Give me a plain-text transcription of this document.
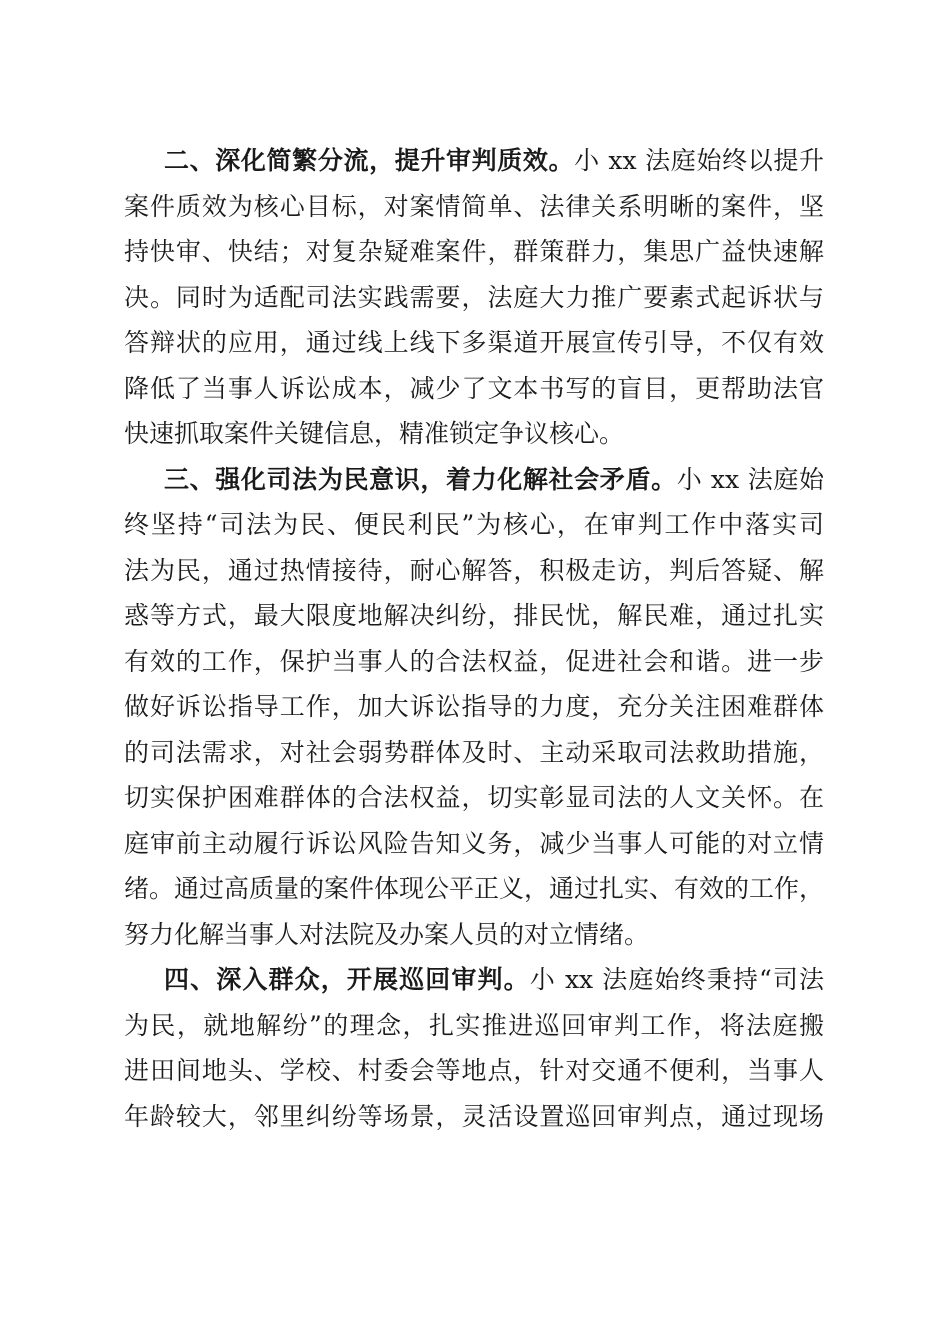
二、深化简繁分流，提升审判质效。小 xx 法庭始终以提升
案件质效为核心目标，对案情简单、法律关系明晰的案件，坚
持快审、快结；对复杂疑难案件，群策群力，集思广益快速解
决。同时为适配司法实践需要，法庭大力推广要素式起诉状与
答辩状的应用，通过线上线下多渠道开展宣传引导，不仅有效
降低了当事人诉讼成本，减少了文本书写的盲目，更帮助法官
快速抓取案件关键信息，精准锁定争议核心。
三、强化司法为民意识，着力化解社会矛盾。小 xx 法庭始
终坚持“司法为民、便民利民”为核心，在审判工作中落实司
法为民，通过热情接待，耐心解答，积极走访，判后答疑、解
惑等方式，最大限度地解决纠纷，排民忧，解民难，通过扎实
有效的工作，保护当事人的合法权益，促进社会和谐。进一步
做好诉讼指导工作，加大诉讼指导的力度，充分关注困难群体
的司法需求，对社会弱势群体及时、主动采取司法救助措施，
切实保护困难群体的合法权益，切实彰显司法的人文关怀。在
庭审前主动履行诉讼风险告知义务，减少当事人可能的对立情
绪。通过高质量的案件体现公平正义，通过扎实、有效的工作，
努力化解当事人对法院及办案人员的对立情绪。
四、深入群众，开展巡回审判。小 xx 法庭始终秉持“司法
为民，就地解纷”的理念，扎实推进巡回审判工作，将法庭搬
进田间地头、学校、村委会等地点，针对交通不便利，当事人
年龄较大，邻里纠纷等场景，灵活设置巡回审判点，通过现场
